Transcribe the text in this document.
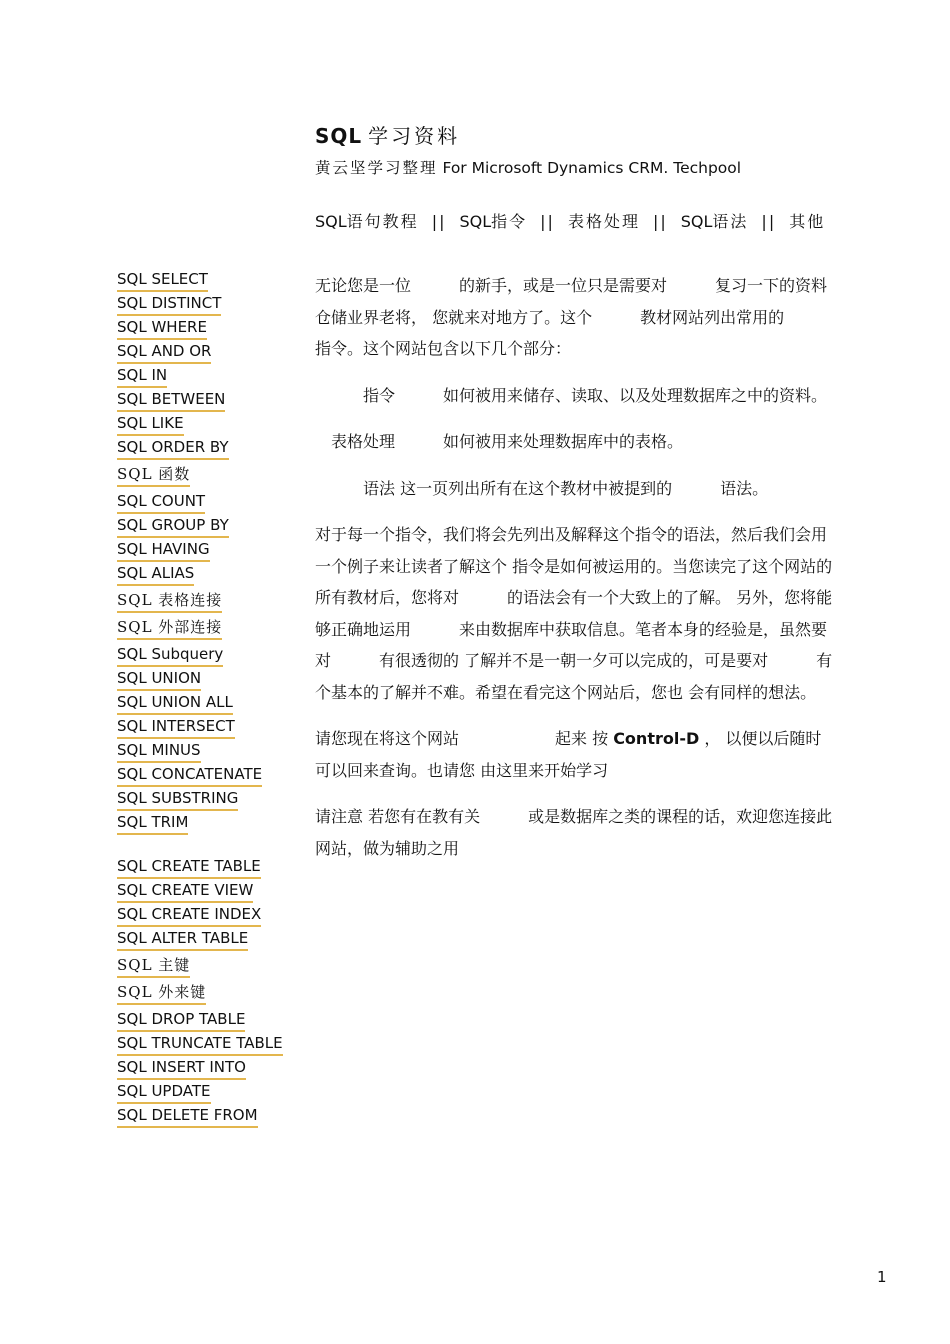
SQL 学习资料
黄云坚学习整理 For Microsoft Dynamics CRM. Techpool
SQL语句教程 || SQL指令 || 表格处理 || SQL语法 || 其他
SQL SELECT
SQL DISTINCT
SQL WHERE
SQL AND OR
SQL IN
SQL BETWEEN
SQL LIKE
SQL ORDER BY
SQL 函数
SQL COUNT
SQL GROUP BY
SQL HAVING
SQL ALIAS
SQL 表格连接
SQL 外部连接
SQL Subquery
SQL UNION
SQL UNION ALL
SQL INTERSECT
SQL MINUS
SQL CONCATENATE
SQL SUBSTRING
SQL TRIM
SQL CREATE TABLE
SQL CREATE VIEW
SQL CREATE INDEX
SQL ALTER TABLE
SQL 主键
SQL 外来键
SQL DROP TABLE
SQL TRUNCATE TABLE
SQL INSERT INTO
SQL UPDATE
SQL DELETE FROM

无论您是一位　　　的新手，或是一位只是需要对　　　复习一下的资料仓储业界老将， 您就来对地方了。这个　　　教材网站列出常用的　　　指令。这个网站包含以下几个部分：

　　　指令　　　如何被用来储存、读取、以及处理数据库之中的资料。

　表格处理　　　如何被用来处理数据库中的表格。

　　　语法 这一页列出所有在这个教材中被提到的　　　语法。

对于每一个指令，我们将会先列出及解释这个指令的语法，然后我们会用一个例子来让读者了解这个 指令是如何被运用的。当您读完了这个网站的所有教材后，您将对　　　的语法会有一个大致上的了解。 另外，您将能够正确地运用　　　来由数据库中获取信息。笔者本身的经验是，虽然要对　　　有很透彻的 了解并不是一朝一夕可以完成的，可是要对　　　有个基本的了解并不难。希望在看完这个网站后，您也 会有同样的想法。

请您现在将这个网站　　　　　　起来 按 Control-D ， 以便以后随时可以回来查询。也请您 由这里来开始学习

请注意 若您有在教有关　　　或是数据库之类的课程的话，欢迎您连接此网站，做为辅助之用

1
